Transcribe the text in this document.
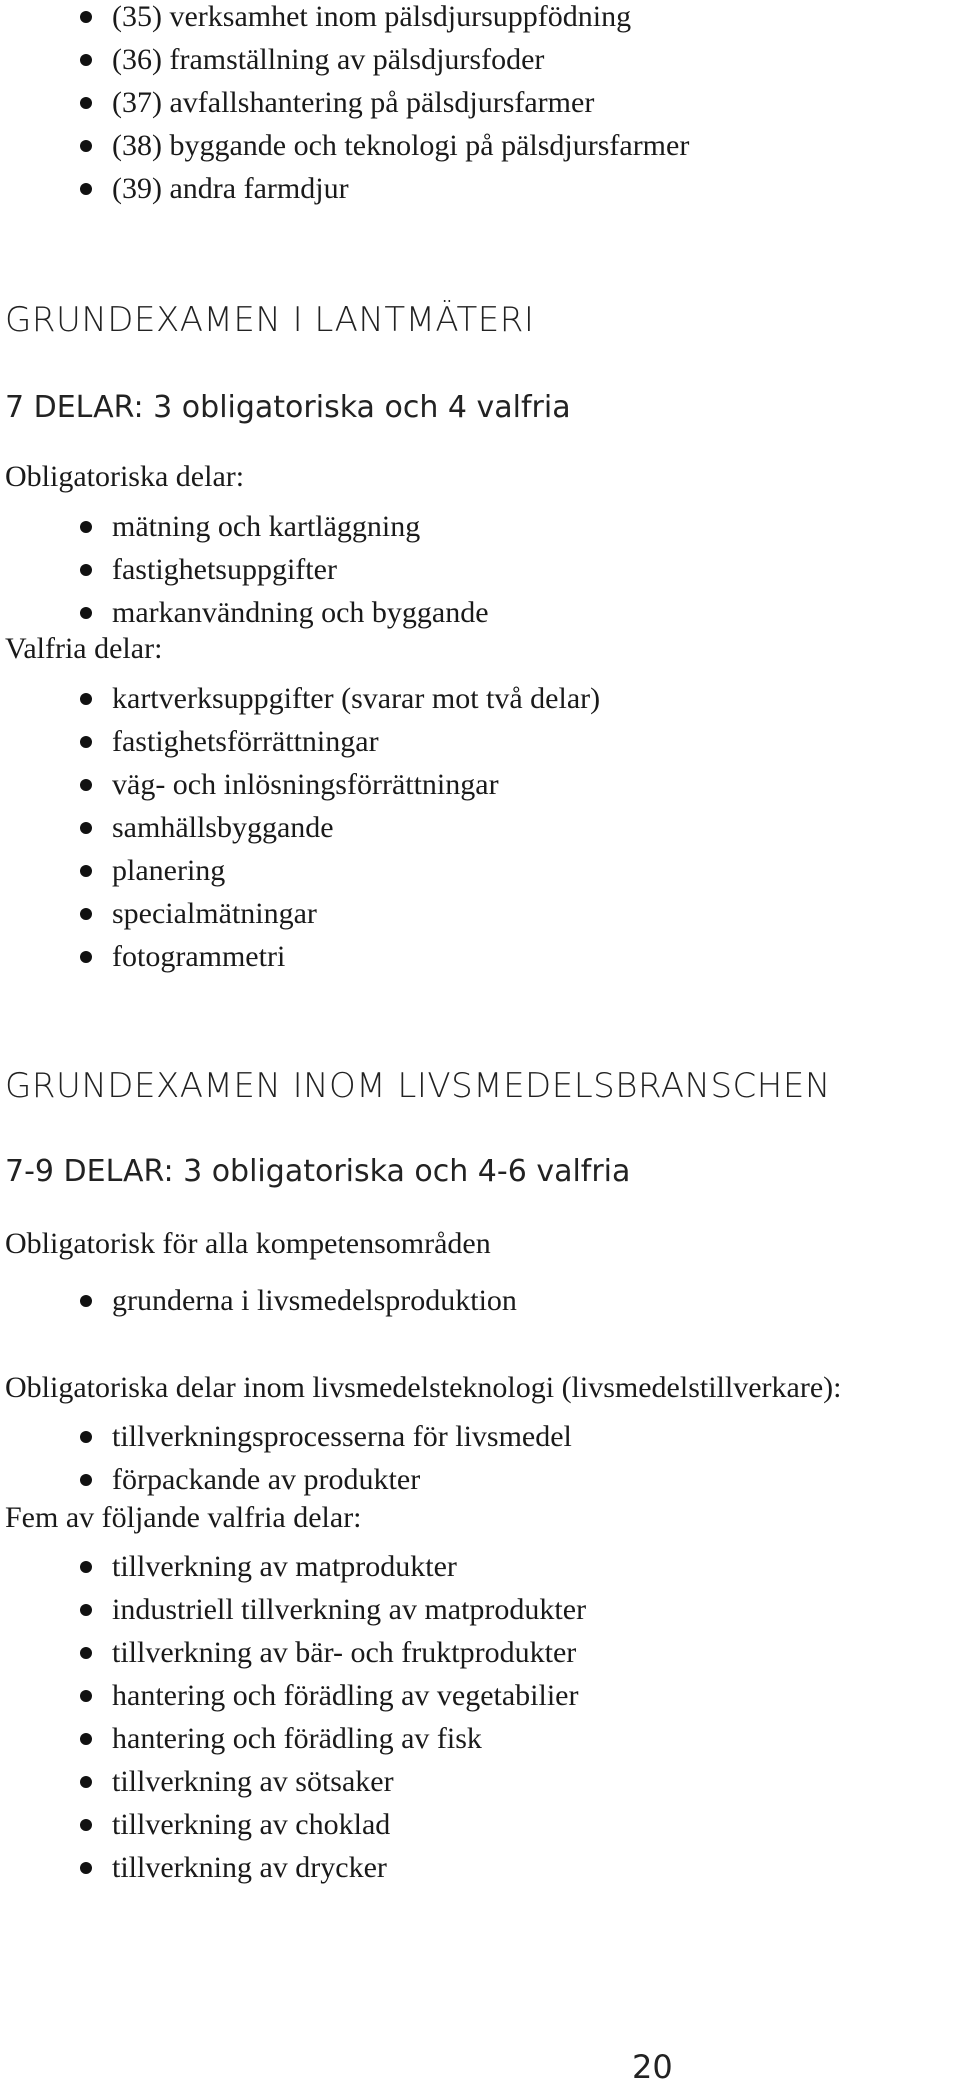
(35) verksamhet inom pälsdjursuppfödning
(36) framställning av pälsdjursfoder
(37) avfallshantering på pälsdjursfarmer
(38) byggande och teknologi på pälsdjursfarmer
(39) andra farmdjur
GRUNDEXAMEN I LANTMÄTERI
7 DELAR: 3 obligatoriska och 4 valfria
Obligatoriska delar:
mätning och kartläggning
fastighetsuppgifter
markanvändning och byggande
Valfria delar:
kartverksuppgifter (svarar mot två delar)
fastighetsförrättningar
väg- och inlösningsförrättningar
samhällsbyggande
planering
specialmätningar
fotogrammetri
GRUNDEXAMEN INOM LIVSMEDELSBRANSCHEN
7-9 DELAR: 3 obligatoriska och 4-6 valfria
Obligatorisk för alla kompetensområden
grunderna i livsmedelsproduktion
Obligatoriska delar inom livsmedelsteknologi (livsmedelstillverkare):
tillverkningsprocesserna för livsmedel
förpackande av produkter
Fem av följande valfria delar:
tillverkning av matprodukter
industriell tillverkning av matprodukter
tillverkning av bär- och fruktprodukter
hantering och förädling av vegetabilier
hantering och förädling av fisk
tillverkning av sötsaker
tillverkning av choklad
tillverkning av drycker
20
